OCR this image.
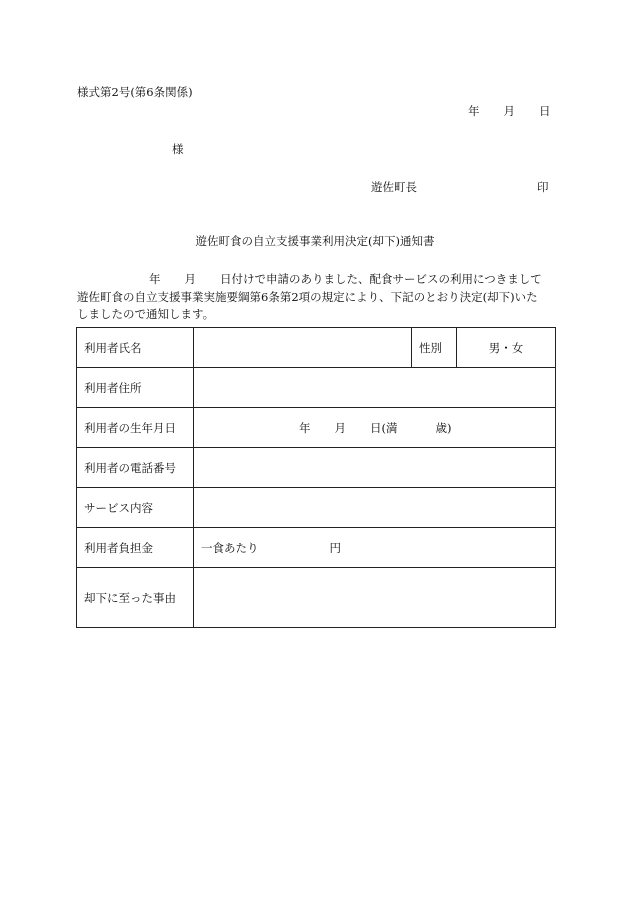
様式第2号(第6条関係)
年 月 日
様
遊佐町長	印
遊佐町食の自立支援事業利用決定(却下)通知書
年 月 日付けで申請のありました、配食サービスの利用につきまして
遊佐町食の自立支援事業実施要綱第6条第2項の規定により、下記のとおり決定(却下)いた
しましたので通知します。
利用者氏名		性別	男・女
利用者住所			
利用者の生年月日	年 月 日(満 歳)		
利用者の電話番号			
サービス内容			
利用者負担金	一食あたり 円		
却下に至った事由			
